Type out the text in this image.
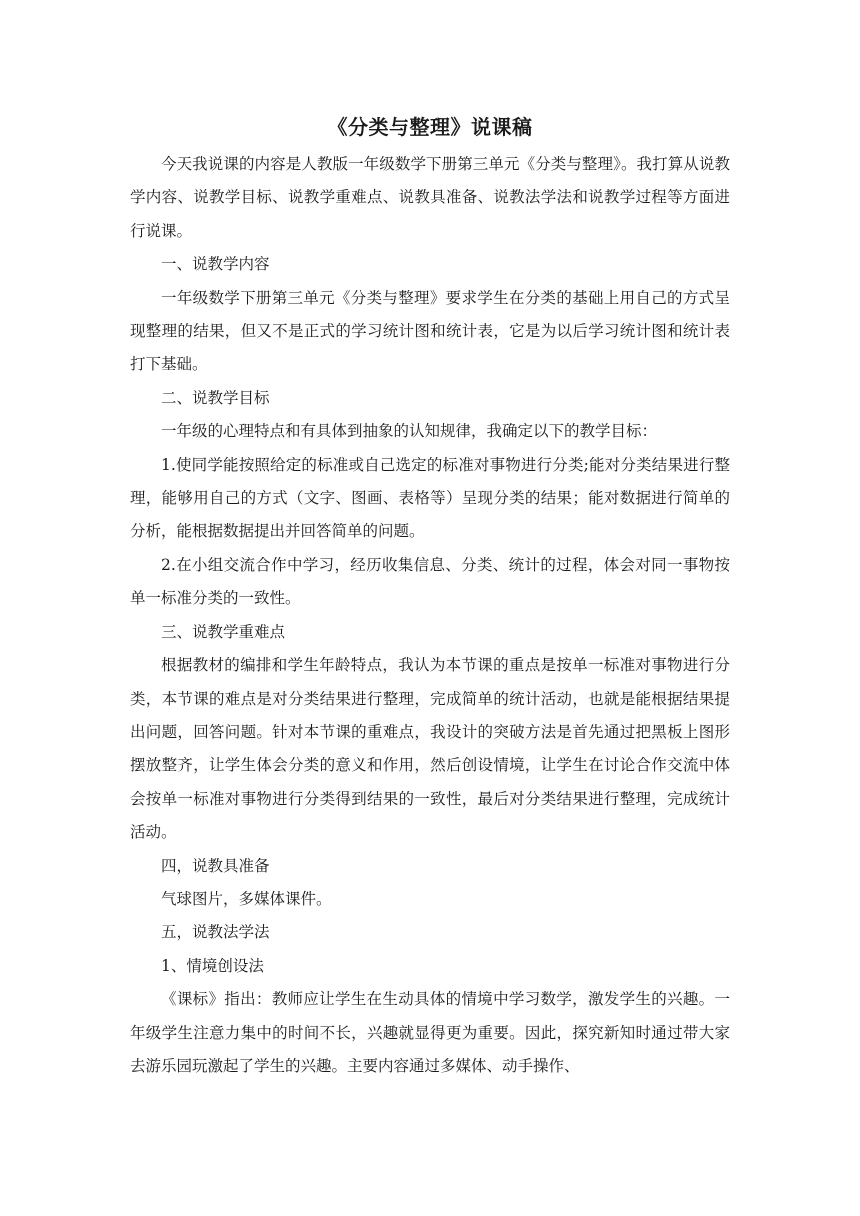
《分类与整理》说课稿

今天我说课的内容是人教版一年级数学下册第三单元《分类与整理》。我打算从说教学内容、说教学目标、说教学重难点、说教具准备、说教法学法和说教学过程等方面进行说课。

一、说教学内容

一年级数学下册第三单元《分类与整理》要求学生在分类的基础上用自己的方式呈现整理的结果，但又不是正式的学习统计图和统计表，它是为以后学习统计图和统计表打下基础。

二、说教学目标

一年级的心理特点和有具体到抽象的认知规律，我确定以下的教学目标：

1.使同学能按照给定的标准或自己选定的标准对事物进行分类;能对分类结果进行整理，能够用自己的方式（文字、图画、表格等）呈现分类的结果；能对数据进行简单的分析，能根据数据提出并回答简单的问题。

2.在小组交流合作中学习，经历收集信息、分类、统计的过程，体会对同一事物按单一标准分类的一致性。

三、说教学重难点

根据教材的编排和学生年龄特点，我认为本节课的重点是按单一标准对事物进行分类，本节课的难点是对分类结果进行整理，完成简单的统计活动，也就是能根据结果提出问题，回答问题。针对本节课的重难点，我设计的突破方法是首先通过把黑板上图形摆放整齐，让学生体会分类的意义和作用，然后创设情境，让学生在讨论合作交流中体会按单一标准对事物进行分类得到结果的一致性，最后对分类结果进行整理，完成统计活动。

四，说教具准备

气球图片，多媒体课件。

五，说教法学法

1、情境创设法

《课标》指出：教师应让学生在生动具体的情境中学习数学，激发学生的兴趣。一年级学生注意力集中的时间不长，兴趣就显得更为重要。因此，探究新知时通过带大家去游乐园玩激起了学生的兴趣。主要内容通过多媒体、动手操作、
